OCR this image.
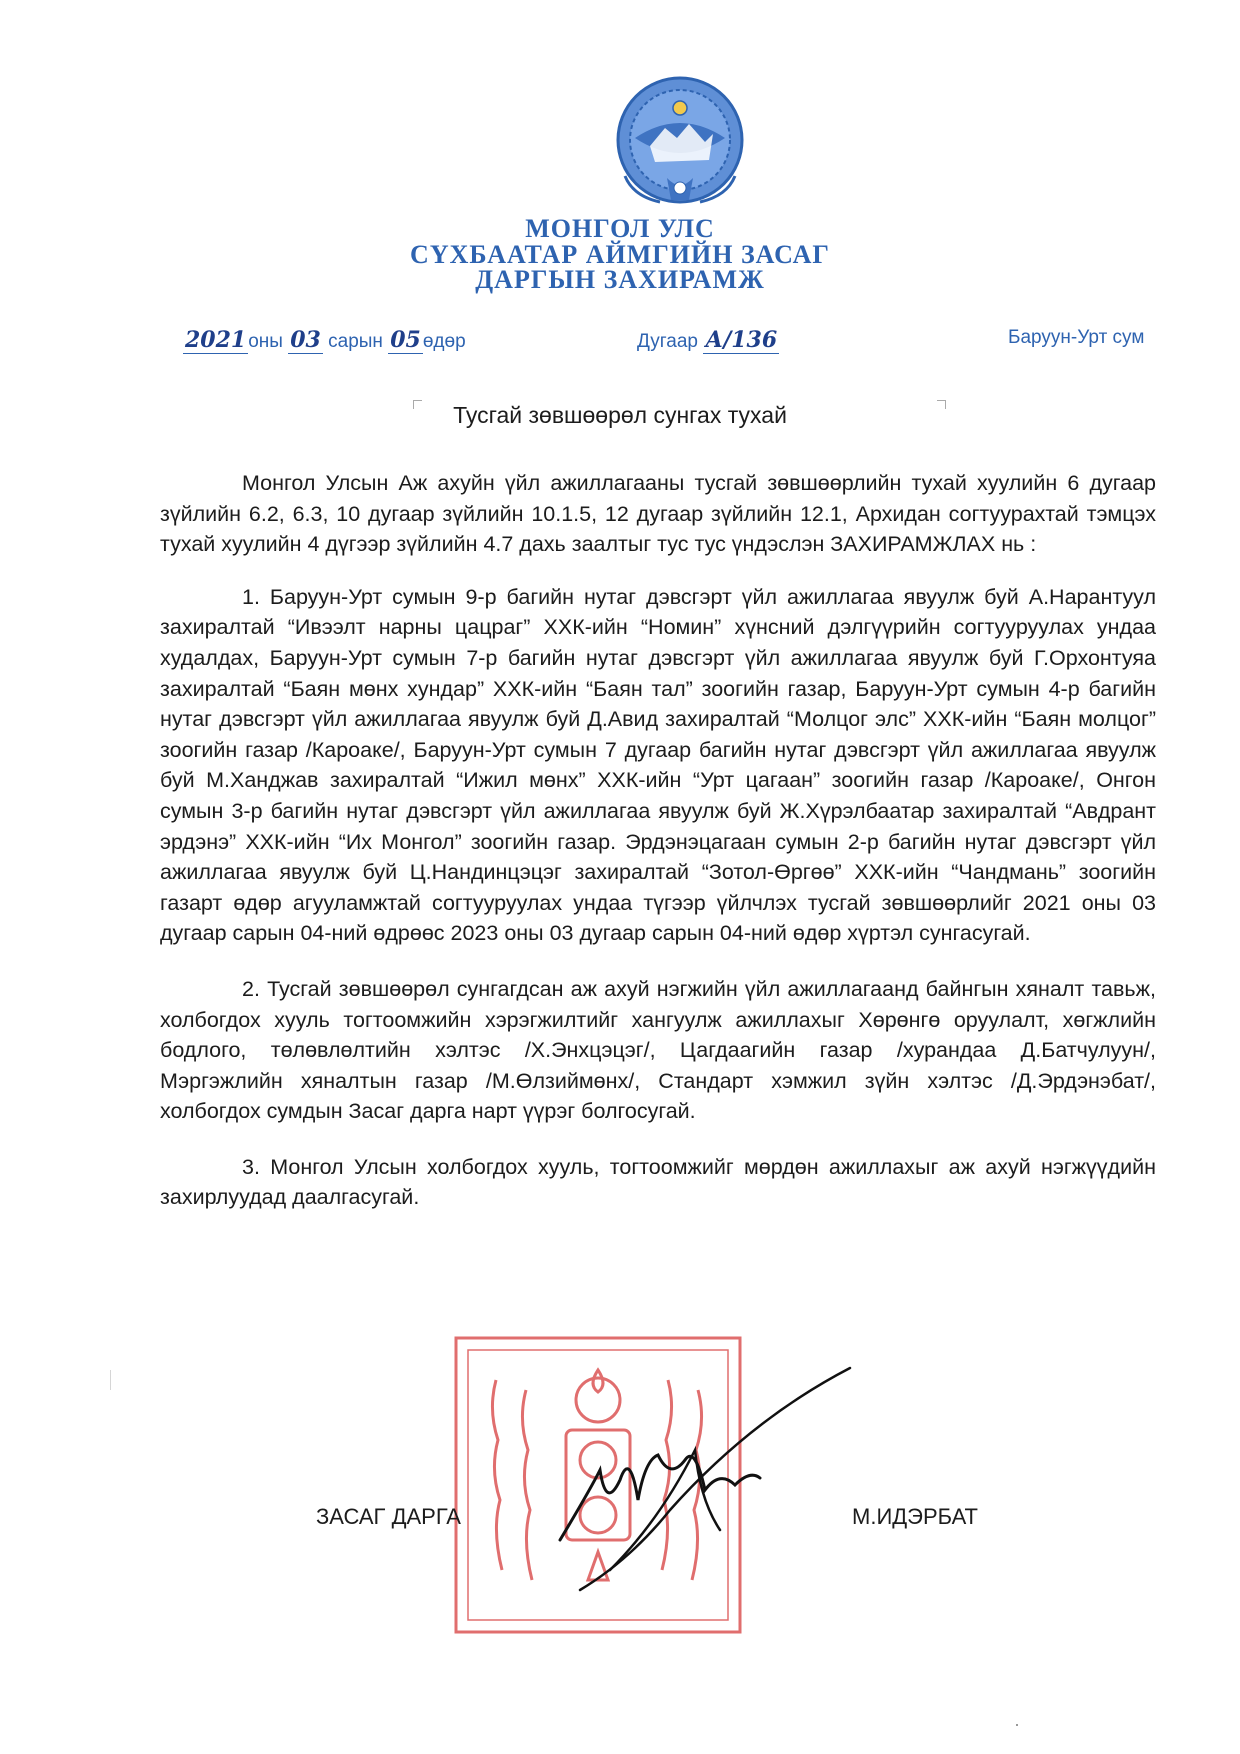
МОНГОЛ УЛС
СҮХБААТАР АЙМГИЙН ЗАСАГ
ДАРГЫН ЗАХИРАМЖ
2021 оны 03 сарын 05 өдөр	Дугаар А/136	Баруун-Урт сум
Тусгай зөвшөөрөл сунгах тухай

Монгол Улсын Аж ахуйн үйл ажиллагааны тусгай зөвшөөрлийн тухай хуулийн 6 дугаар зүйлийн 6.2, 6.3, 10 дугаар зүйлийн 10.1.5, 12 дугаар зүйлийн 12.1, Архидан согтуурахтай тэмцэх тухай хуулийн 4 дүгээр зүйлийн 4.7 дахь заалтыг тус тус үндэслэн ЗАХИРАМЖЛАХ нь :

1. Баруун-Урт сумын 9-р багийн нутаг дэвсгэрт үйл ажиллагаа явуулж буй А.Нарантуул захиралтай “Ивээлт нарны цацраг” ХХК-ийн “Номин” хүнсний дэлгүүрийн согтууруулах ундаа худалдах, Баруун-Урт сумын 7-р багийн нутаг дэвсгэрт үйл ажиллагаа явуулж буй Г.Орхонтуяа захиралтай “Баян мөнх хундар” ХХК-ийн “Баян тал” зоогийн газар, Баруун-Урт сумын 4-р багийн нутаг дэвсгэрт үйл ажиллагаа явуулж буй Д.Авид захиралтай “Молцог элс” ХХК-ийн “Баян молцог” зоогийн газар /Кароаке/, Баруун-Урт сумын 7 дугаар багийн нутаг дэвсгэрт үйл ажиллагаа явуулж буй М.Ханджав захиралтай “Ижил мөнх” ХХК-ийн “Урт цагаан” зоогийн газар /Кароаке/, Онгон сумын 3-р багийн нутаг дэвсгэрт үйл ажиллагаа явуулж буй Ж.Хүрэлбаатар захиралтай “Авдрант эрдэнэ” ХХК-ийн “Их Монгол” зоогийн газар. Эрдэнэцагаан сумын 2-р багийн нутаг дэвсгэрт үйл ажиллагаа явуулж буй Ц.Нандинцэцэг захиралтай “Зотол-Өргөө” ХХК-ийн “Чандмань” зоогийн газарт өдөр агууламжтай согтууруулах ундаа түгээр үйлчлэх тусгай зөвшөөрлийг 2021 оны 03 дугаар сарын 04-ний өдрөөс 2023 оны 03 дугаар сарын 04-ний өдөр хүртэл сунгасугай.

2. Тусгай зөвшөөрөл сунгагдсан аж ахуй нэгжийн үйл ажиллагаанд байнгын хяналт тавьж, холбогдох хууль тогтоомжийн хэрэгжилтийг хангуулж ажиллахыг Хөрөнгө оруулалт, хөгжлийн бодлого, төлөвлөлтийн хэлтэс /Х.Энхцэцэг/, Цагдаагийн газар /хурандаа Д.Батчулуун/, Мэргэжлийн хяналтын газар /М.Өлзиймөнх/, Стандарт хэмжил зүйн хэлтэс /Д.Эрдэнэбат/, холбогдох сумдын Засаг дарга нарт үүрэг болгосугай.

3. Монгол Улсын холбогдох хууль, тогтоомжийг мөрдөн ажиллахыг аж ахуй нэгжүүдийн захирлуудад даалгасугай.

ЗАСАГ ДАРГА	М.ИДЭРБАТ
